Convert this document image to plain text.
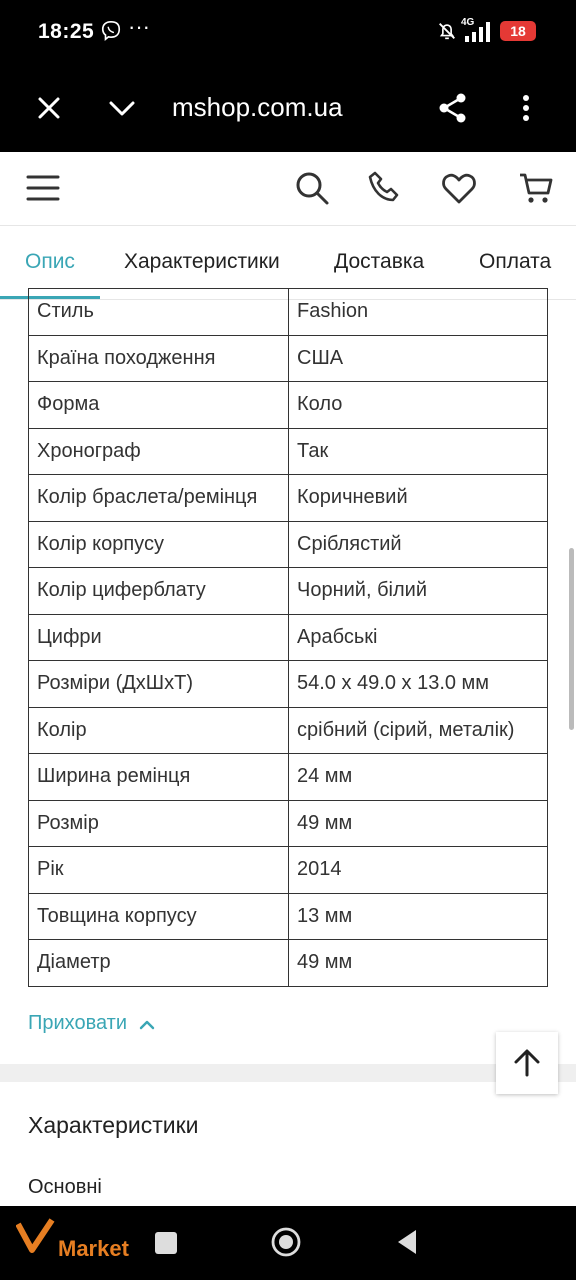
18:25 ···	4G
18
mshop.com.ua
Опис Характеристики	Доставка	Оплата
Стиль	Fashion
Країна походження	США
Форма	Коло
Хронограф	Так
Колір браслета/ремінця	Коричневий
Колір корпусу	Сріблястий
Колір циферблату	Чорний, білий
Цифри	Арабські
Розміри (ДхШхТ)	54.0 x 49.0 x 13.0 мм
Колір	срібний (сірий, металік)
Ширина ремінця	24 мм
Розмір	49 мм
Рік	2014
Товщина корпусу	13 мм
Діаметр	49 мм
Приховати
Характеристики
Основні
Market
